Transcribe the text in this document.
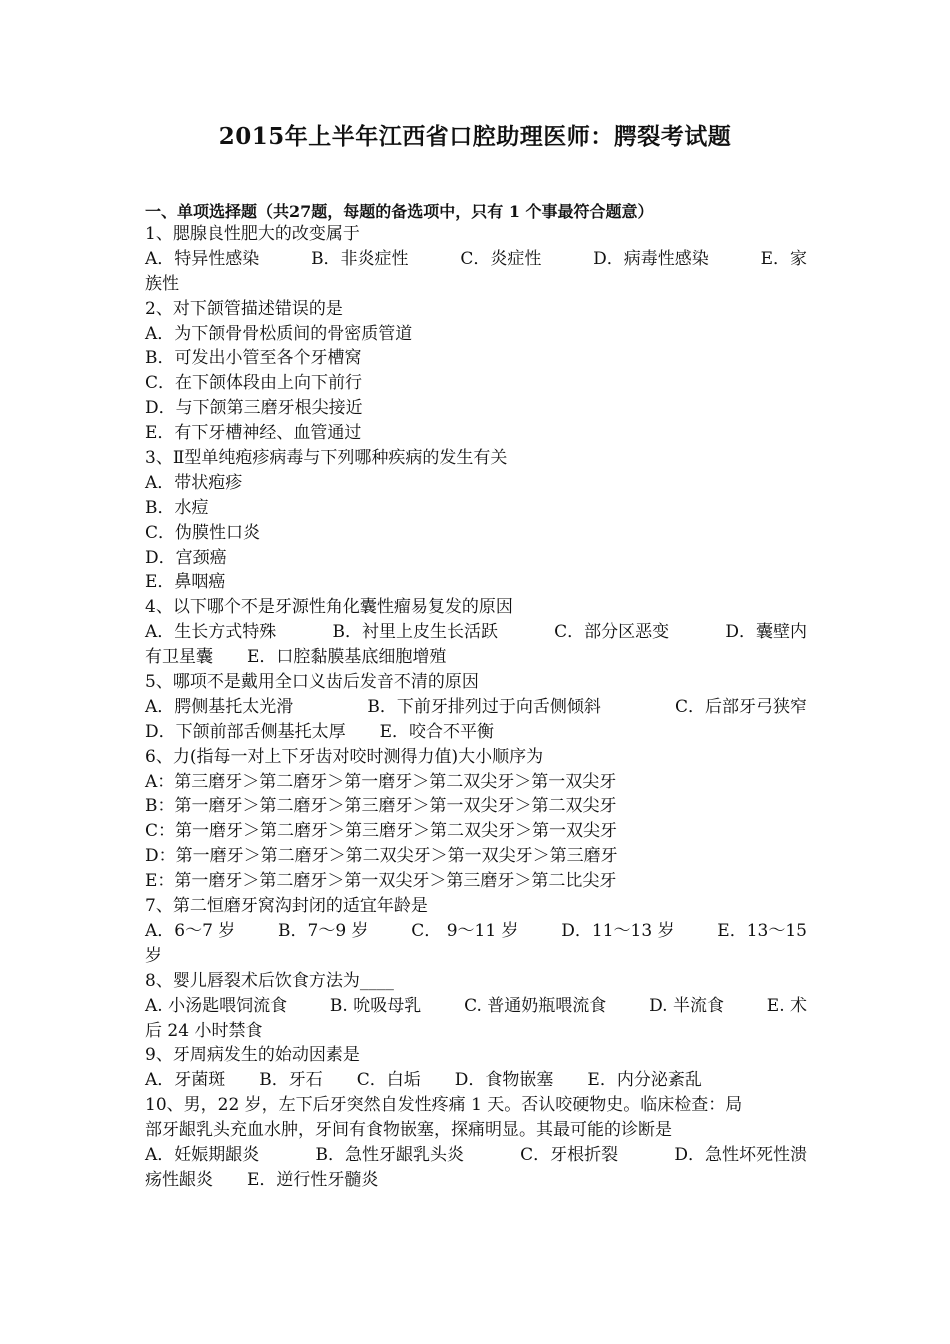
2015年上半年江西省口腔助理医师：腭裂考试题
一、单项选择题（共27题，每题的备选项中，只有 1 个事最符合题意）
1、腮腺良性肥大的改变属于
A．特异性感染	B．非炎症性	C．炎症性	D．病毒性感染	E．家
族性
2、对下颌管描述错误的是
A．为下颌骨骨松质间的骨密质管道
B．可发出小管至各个牙槽窝
C．在下颌体段由上向下前行
D．与下颌第三磨牙根尖接近
E．有下牙槽神经、血管通过
3、Ⅱ型单纯疱疹病毒与下列哪种疾病的发生有关
A．带状疱疹
B．水痘
C．伪膜性口炎
D．宫颈癌
E．鼻咽癌
4、以下哪个不是牙源性角化囊性瘤易复发的原因
A．生长方式特殊	B．衬里上皮生长活跃	C．部分区恶变	D．囊壁内
有卫星囊　　E．口腔黏膜基底细胞增殖
5、哪项不是戴用全口义齿后发音不清的原因
A．腭侧基托太光滑	B．下前牙排列过于向舌侧倾斜	C．后部牙弓狭窄
D．下颌前部舌侧基托太厚　　E．咬合不平衡
6、力(指每一对上下牙齿对咬时测得力值)大小顺序为
A：第三磨牙＞第二磨牙＞第一磨牙＞第二双尖牙＞第一双尖牙
B：第一磨牙＞第二磨牙＞第三磨牙＞第一双尖牙＞第二双尖牙
C：第一磨牙＞第二磨牙＞第三磨牙＞第二双尖牙＞第一双尖牙
D：第一磨牙＞第二磨牙＞第二双尖牙＞第一双尖牙＞第三磨牙
E：第一磨牙＞第二磨牙＞第一双尖牙＞第三磨牙＞第二比尖牙
7、第二恒磨牙窝沟封闭的适宜年龄是
A．6～7 岁	B．7～9 岁	C． 9～11 岁	D．11～13 岁	E．13～15
岁
8、婴儿唇裂术后饮食方法为____
A. 小汤匙喂饲流食	B. 吮吸母乳	C. 普通奶瓶喂流食	D. 半流食	E. 术
后 24 小时禁食
9、牙周病发生的始动因素是
A．牙菌斑　　B．牙石　　C．白垢　　D．食物嵌塞　　E．内分泌紊乱
10、男，22 岁，左下后牙突然自发性疼痛 1 天。否认咬硬物史。临床检查：局
部牙龈乳头充血水肿，牙间有食物嵌塞，探痛明显。其最可能的诊断是
A．妊娠期龈炎	B．急性牙龈乳头炎	C．牙根折裂	D．急性坏死性溃
疡性龈炎　　E．逆行性牙髓炎
